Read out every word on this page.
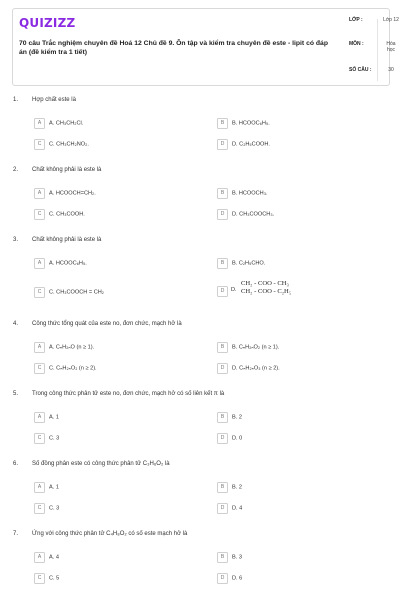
QUIZIZZ
70 câu Trắc nghiệm chuyên đề Hoá 12 Chủ đề 9. Ôn tập và kiểm tra chuyên đề este - lipit có đáp án (đề kiểm tra 1 tiết)
LỚP :	Lớp 12
MÔN :	Hóa học
SỐ CÂU :	30
1. Hợp chất este là
A A. CH₃CH₂Cl.	B B. HCOOC₆H₅.
C C. CH₃CH₂NO₂.	D D. C₂H₅COOH.
2. Chất không phải là este là
A A. HCOOCH=CH₂.	B B. HCOOCH₃.
C C. CH₃COOH.	D D. CH₃COOCH₃.
3. Chất không phải là este là
A A. HCOOC₆H₅.	B B. C₂H₅CHO.
C C. CH₃COOCH = CH₂	D	D.
CH₂ - COO - CH₃
CH₂ - COO - C₂H₅
4. Công thức tổng quát của este no, đơn chức, mạch hở là
A A. CₙH₂ₙO (n ≥ 1).	B B. CₙH₂ₙO₂ (n ≥ 1).
C C. CₙH₂ₙO₂ (n ≥ 2).	D D. CₙH₂ₙO₃ (n ≥ 2).
5. Trong công thức phân tử este no, đơn chức, mạch hở có số liên kết π là
A A. 1	B B. 2
C C. 3	D D. 0
6. Số đồng phân este có công thức phân tử C₃H₆O₂ là
A A. 1	B B. 2
C C. 3	D D. 4
7. Ứng với công thức phân tử C₄H₈O₂ có số este mạch hở là
A A. 4	B B. 3
C C. 5	D D. 6
